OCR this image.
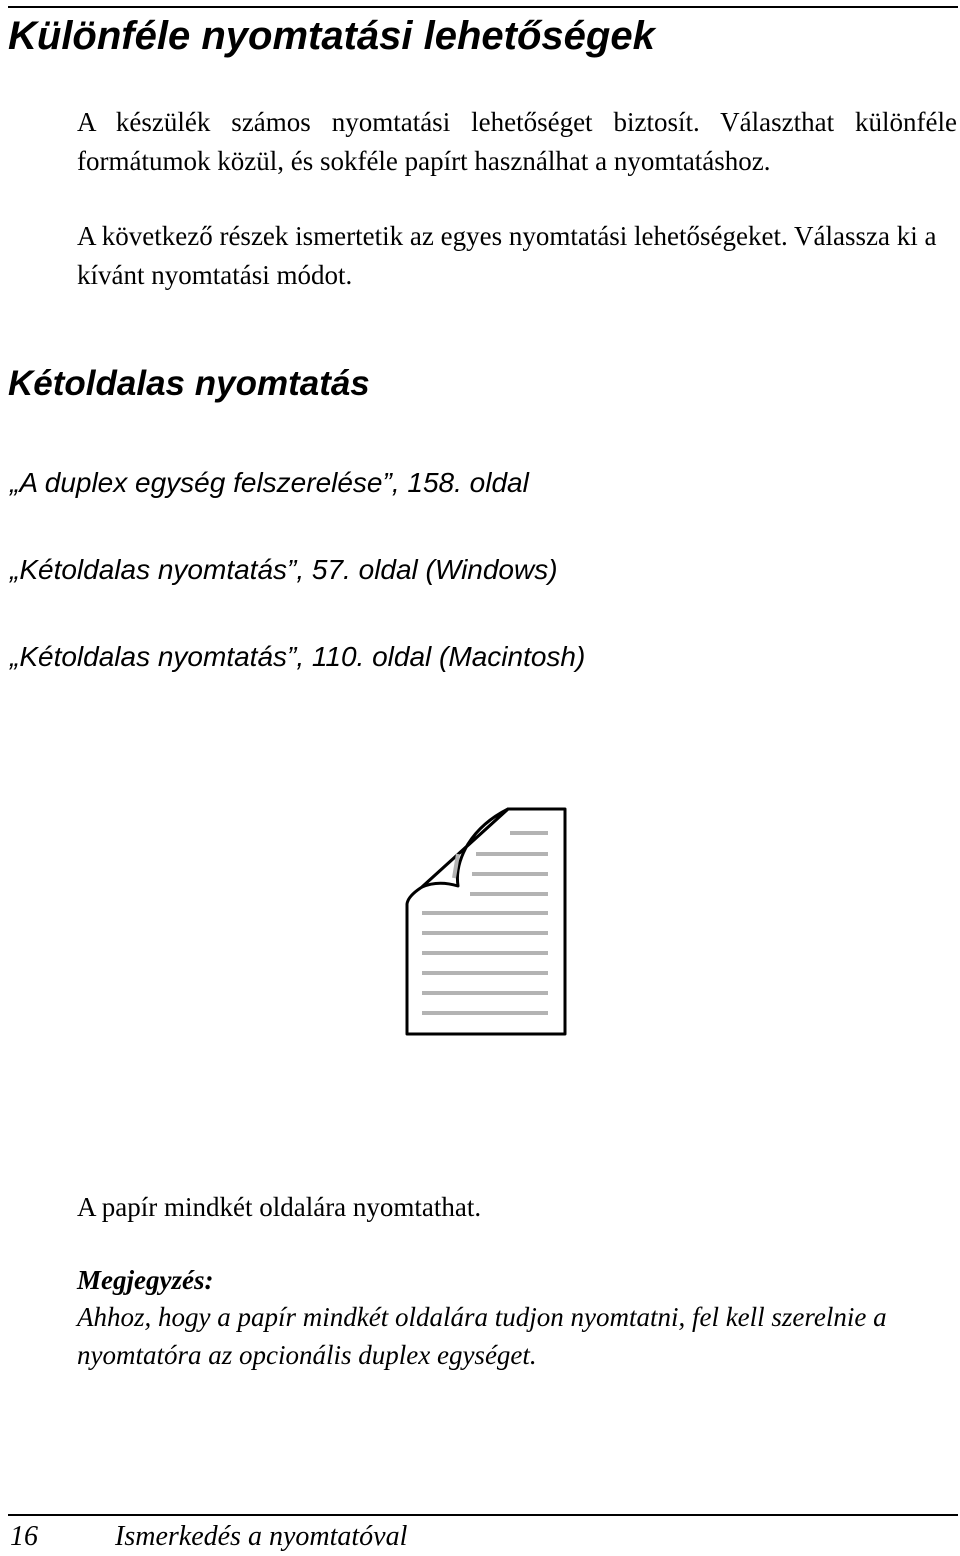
Különféle nyomtatási lehetőségek

A készülék számos nyomtatási lehetőséget biztosít. Választhat különféle formátumok közül, és sokféle papírt használhat a nyomtatáshoz.

A következő részek ismertetik az egyes nyomtatási lehetőségeket. Válassza ki a kívánt nyomtatási módot.

Kétoldalas nyomtatás

„A duplex egység felszerelése”, 158. oldal

„Kétoldalas nyomtatás”, 57. oldal (Windows)

„Kétoldalas nyomtatás”, 110. oldal (Macintosh)

A papír mindkét oldalára nyomtathat.

Megjegyzés:

Ahhoz, hogy a papír mindkét oldalára tudjon nyomtatni, fel kell szerelnie a nyomtatóra az opcionális duplex egységet.

16	Ismerkedés a nyomtatóval
